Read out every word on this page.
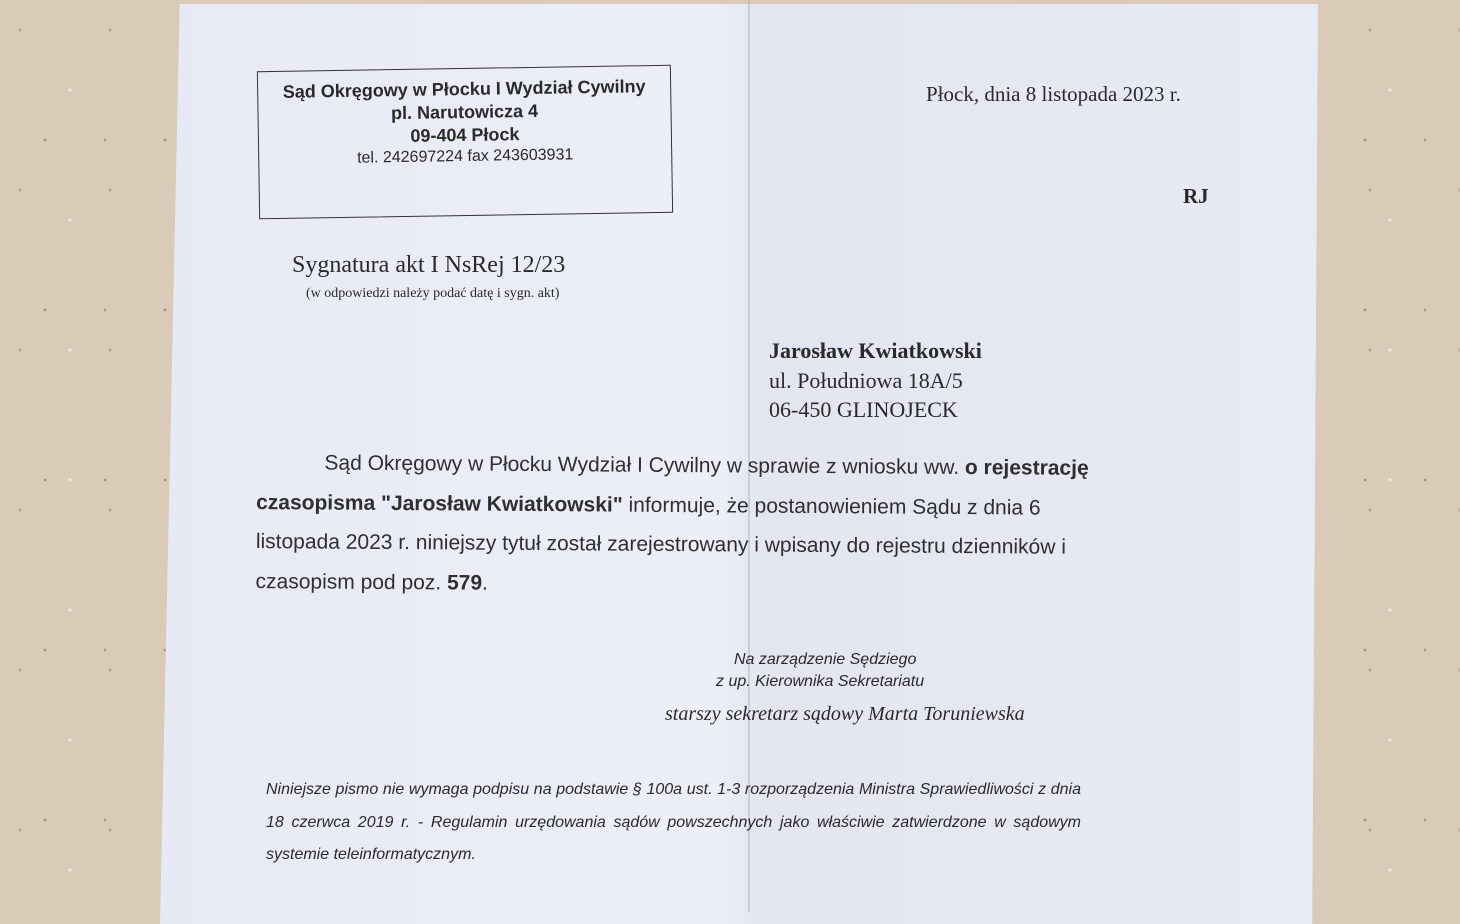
Sąd Okręgowy w Płocku I Wydział Cywilny
pl. Narutowicza 4
09-404 Płock
tel. 242697224 fax 243603931
Płock, dnia 8 listopada 2023 r.
RJ
Sygnatura akt I NsRej 12/23
(w odpowiedzi należy podać datę i sygn. akt)
Jarosław Kwiatkowski
ul. Południowa 18A/5
06-450 GLINOJECK
Sąd Okręgowy w Płocku Wydział I Cywilny w sprawie z wniosku ww. o rejestrację czasopisma "Jarosław Kwiatkowski" informuje, że postanowieniem Sądu z dnia 6 listopada 2023 r. niniejszy tytuł został zarejestrowany i wpisany do rejestru dzienników i czasopism pod poz. 579.
Na zarządzenie Sędziego
z up. Kierownika Sekretariatu
starszy sekretarz sądowy Marta Toruniewska
Niniejsze pismo nie wymaga podpisu na podstawie § 100a ust. 1-3 rozporządzenia Ministra Sprawiedliwości z dnia 18 czerwca 2019 r. - Regulamin urzędowania sądów powszechnych jako właściwie zatwierdzone w sądowym systemie teleinformatycznym.
